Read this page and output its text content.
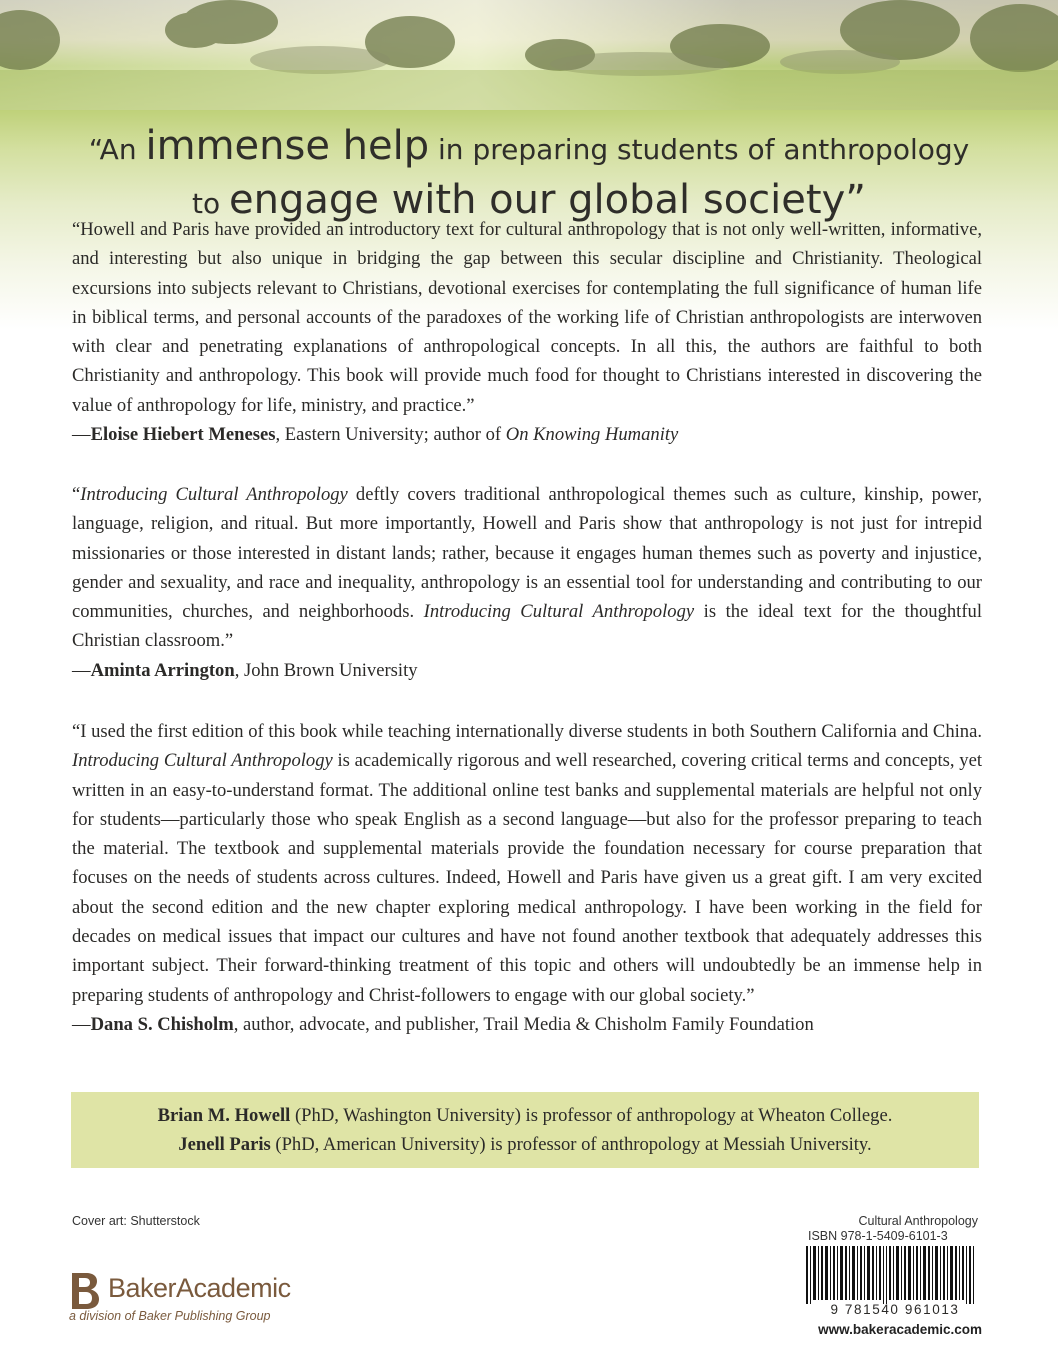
“An immense help in preparing students of anthropology
to engage with our global society”

“Howell and Paris have provided an introductory text for cultural anthropology that is not only well-written, informative, and interesting but also unique in bridging the gap between this secular discipline and Christianity. Theological excursions into subjects relevant to Christians, devotional exercises for contemplating the full significance of human life in biblical terms, and personal accounts of the paradoxes of the working life of Christian anthropologists are interwoven with clear and penetrating explanations of anthropological concepts. In all this, the authors are faithful to both Christianity and anthropology. This book will provide much food for thought to Christians interested in discovering the value of anthropology for life, ministry, and practice.”

—Eloise Hiebert Meneses, Eastern University; author of On Knowing Humanity

“Introducing Cultural Anthropology deftly covers traditional anthropological themes such as culture, kinship, power, language, religion, and ritual. But more importantly, Howell and Paris show that anthropology is not just for intrepid missionaries or those interested in distant lands; rather, because it engages human themes such as poverty and injustice, gender and sexuality, and race and inequality, anthropology is an essential tool for understanding and contributing to our communities, churches, and neighborhoods. Introducing Cultural Anthropology is the ideal text for the thoughtful Christian classroom.”

—Aminta Arrington, John Brown University

“I used the first edition of this book while teaching internationally diverse students in both Southern California and China. Introducing Cultural Anthropology is academically rigorous and well researched, covering critical terms and concepts, yet written in an easy-to-understand format. The additional online test banks and supplemental materials are helpful not only for students—particularly those who speak English as a second language—but also for the professor preparing to teach the material. The textbook and supplemental materials provide the foundation necessary for course preparation that focuses on the needs of students across cultures. Indeed, Howell and Paris have given us a great gift. I am very excited about the second edition and the new chapter exploring medical anthropology. I have been working in the field for decades on medical issues that impact our cultures and have not found another textbook that adequately addresses this important subject. Their forward-thinking treatment of this topic and others will undoubtedly be an immense help in preparing students of anthropology and Christ-followers to engage with our global society.”

—Dana S. Chisholm, author, advocate, and publisher, Trail Media & Chisholm Family Foundation

Brian M. Howell (PhD, Washington University) is professor of anthropology at Wheaton College.

Jenell Paris (PhD, American University) is professor of anthropology at Messiah University.

Cover art: Shutterstock	Cultural Anthropology
ISBN 978-1-5409-6101-3
9 781540 961013
www.bakeracademic.com
BakerAcademic
a division of Baker Publishing Group
